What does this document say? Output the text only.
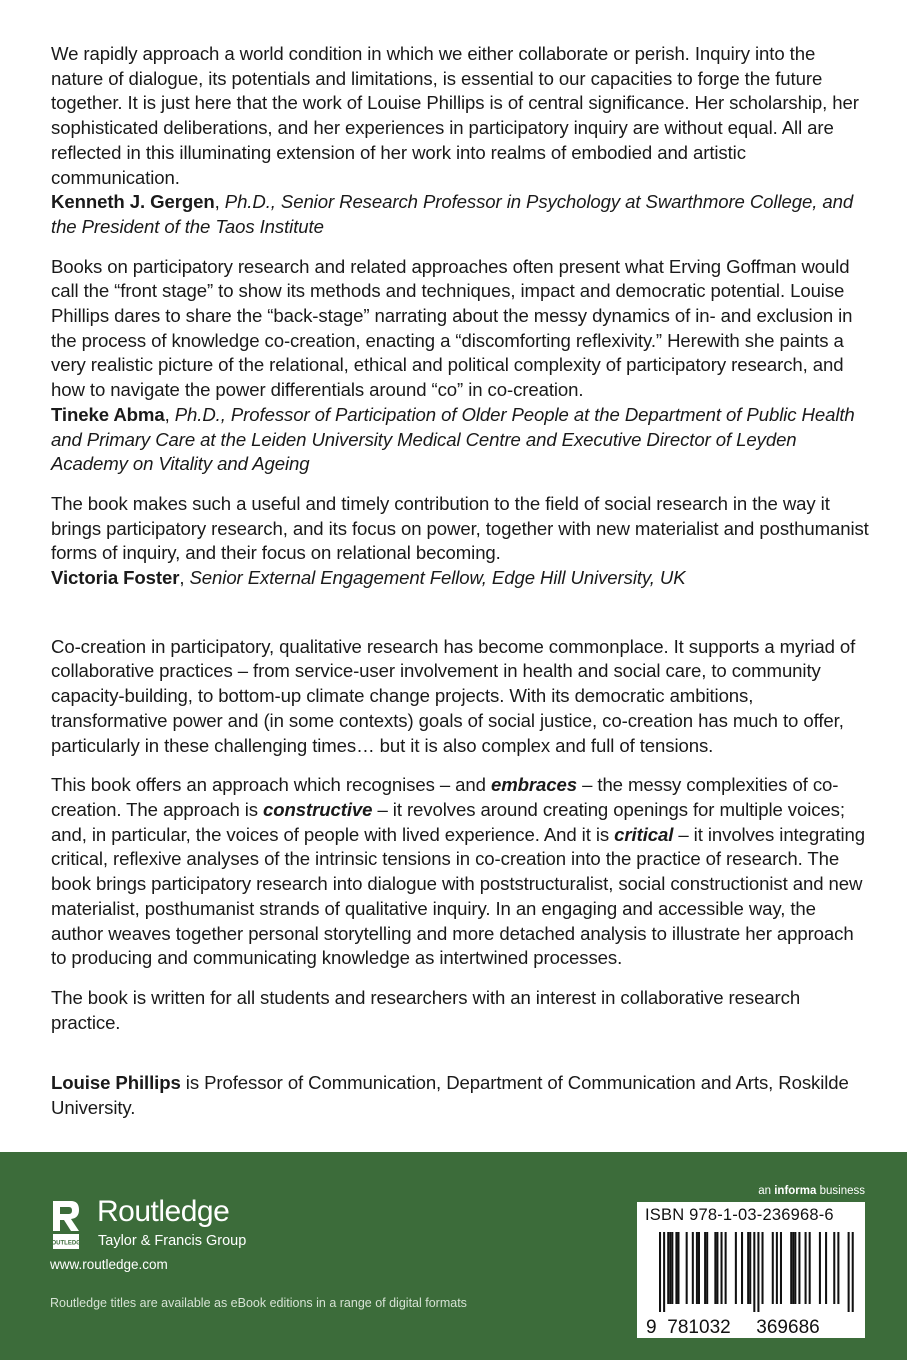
We rapidly approach a world condition in which we either collaborate or perish. Inquiry into the nature of dialogue, its potentials and limitations, is essential to our capacities to forge the future together. It is just here that the work of Louise Phillips is of central significance. Her scholarship, her sophisticated deliberations, and her experiences in participatory inquiry are without equal. All are reflected in this illuminating extension of her work into realms of embodied and artistic communication.

Kenneth J. Gergen, Ph.D., Senior Research Professor in Psychology at Swarthmore College, and the President of the Taos Institute

Books on participatory research and related approaches often present what Erving Goffman would call the “front stage” to show its methods and techniques, impact and democratic potential. Louise Phillips dares to share the “back-stage” narrating about the messy dynamics of in- and exclusion in the process of knowledge co-creation, enacting a “discomforting reflexivity.” Herewith she paints a very realistic picture of the relational, ethical and political complexity of participatory research, and how to navigate the power differentials around “co” in co-creation.

Tineke Abma, Ph.D., Professor of Participation of Older People at the Department of Public Health and Primary Care at the Leiden University Medical Centre and Executive Director of Leyden Academy on Vitality and Ageing

The book makes such a useful and timely contribution to the field of social research in the way it brings participatory research, and its focus on power, together with new materialist and posthumanist forms of inquiry, and their focus on relational becoming.

Victoria Foster, Senior External Engagement Fellow, Edge Hill University, UK

Co-creation in participatory, qualitative research has become commonplace. It supports a myriad of collaborative practices – from service-user involvement in health and social care, to community capacity-building, to bottom-up climate change projects. With its democratic ambitions, transformative power and (in some contexts) goals of social justice, co-creation has much to offer, particularly in these challenging times… but it is also complex and full of tensions.

This book offers an approach which recognises – and embraces – the messy complexities of co-creation. The approach is constructive – it revolves around creating openings for multiple voices; and, in particular, the voices of people with lived experience. And it is critical – it involves integrating critical, reflexive analyses of the intrinsic tensions in co-creation into the practice of research. The book brings participatory research into dialogue with poststructuralist, social constructionist and new materialist, posthumanist strands of qualitative inquiry. In an engaging and accessible way, the author weaves together personal storytelling and more detached analysis to illustrate her approach to producing and communicating knowledge as intertwined processes.

The book is written for all students and researchers with an interest in collaborative research practice.

Louise Phillips is Professor of Communication, Department of Communication and Arts, Roskilde University.

ROUTLEDGE
Routledge
Taylor & Francis Group
www.routledge.com
Routledge titles are available as eBook editions in a range of digital formats
an informa business
ISBN 978-1-03-236968-6
9 781032 369686
